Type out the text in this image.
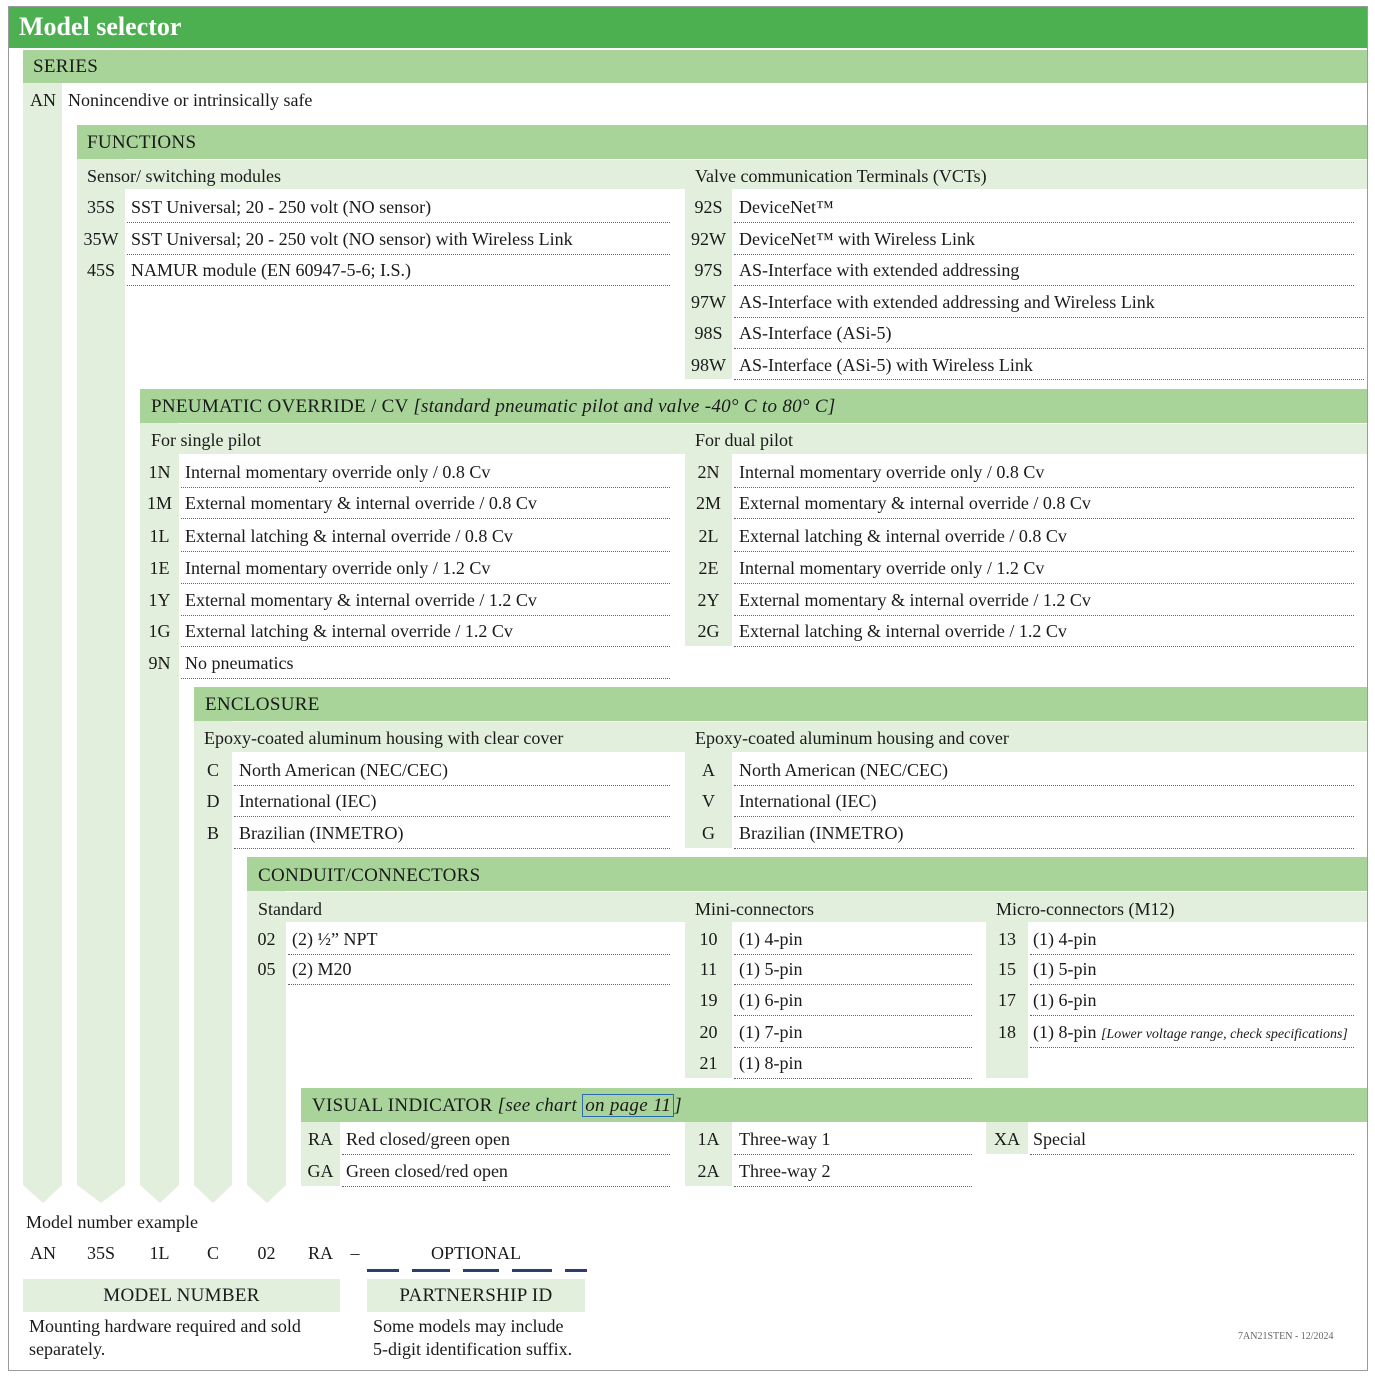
Model selector
SERIES
AN Nonincendive or intrinsically safe
FUNCTIONS
Sensor/ switching modules	Valve communication Terminals (VCTs)
35S SST Universal; 20 - 250 volt (NO sensor)
35W SST Universal; 20 - 250 volt (NO sensor) with Wireless Link
45S NAMUR module (EN 60947-5-6; I.S.)
92S DeviceNet™
92W DeviceNet™ with Wireless Link
97S AS-Interface with extended addressing
97W AS-Interface with extended addressing and Wireless Link
98S AS-Interface (ASi-5)
98W AS-Interface (ASi-5) with Wireless Link
PNEUMATIC OVERRIDE / CV [standard pneumatic pilot and valve -40° C to 80° C]
For single pilot	For dual pilot
1N Internal momentary override only / 0.8 Cv
1M External momentary & internal override / 0.8 Cv
1L External latching & internal override / 0.8 Cv
1E Internal momentary override only / 1.2 Cv
1Y External momentary & internal override / 1.2 Cv
1G External latching & internal override / 1.2 Cv
9N No pneumatics
2N	Internal momentary override only / 0.8 Cv
2M	External momentary & internal override / 0.8 Cv
2L	External latching & internal override / 0.8 Cv
2E	Internal momentary override only / 1.2 Cv
2Y	External momentary & internal override / 1.2 Cv
2G	External latching & internal override / 1.2 Cv
ENCLOSURE
Epoxy-coated aluminum housing with clear cover	Epoxy-coated aluminum housing and cover
C	North American (NEC/CEC)
D	International (IEC)
B	Brazilian (INMETRO)
A	North American (NEC/CEC)
V	International (IEC)
G	Brazilian (INMETRO)
CONDUIT/CONNECTORS
Standard	Mini-connectors	Micro-connectors (M12)
02 (2) ½” NPT
05 (2) M20
10	(1) 4-pin
11	(1) 5-pin
19	(1) 6-pin
20	(1) 7-pin
21	(1) 8-pin
13 (1) 4-pin
15 (1) 5-pin
17 (1) 6-pin
18 (1) 8-pin [Lower voltage range, check specifications]
VISUAL INDICATOR [see chart on page 11 ]
RA Red closed/green open
GA Green closed/red open
1A	Three-way 1
2A	Three-way 2
XA Special
Model number example
AN	35S	1L	C	02	RA –	OPTIONAL
MODEL NUMBER
Mounting hardware required and sold
separately.
PARTNERSHIP ID
Some models may include
5-digit identification suffix.
7AN21STEN - 12/2024
